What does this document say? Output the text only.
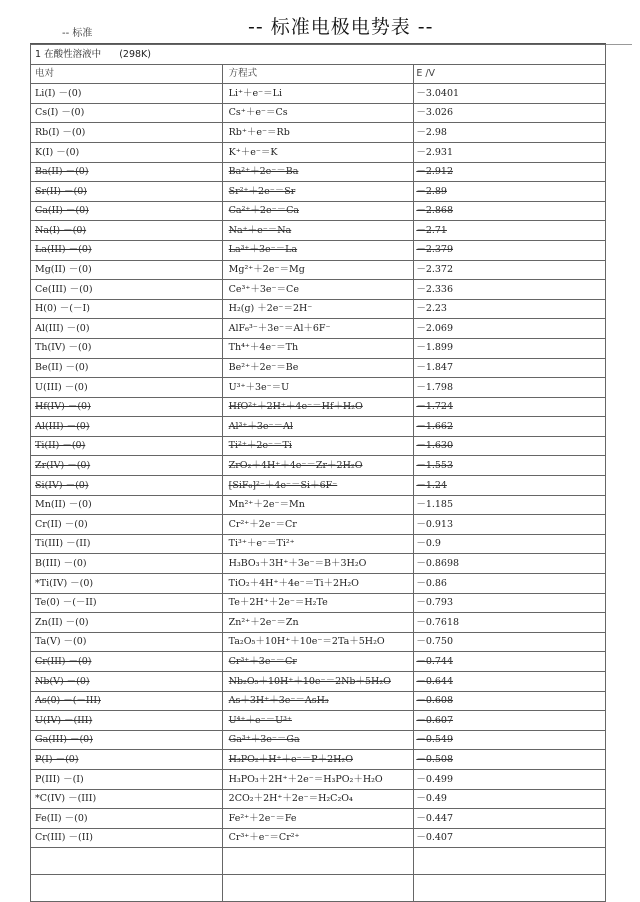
-- 标准	-- 标准电极电势表 --
1 在酸性溶液中 (298K)		
电对	方程式	E /V
Li(I) －(0)	Li⁺＋e⁻＝Li	－3.0401
Cs(I) －(0)	Cs⁺＋e⁻＝Cs	－3.026
Rb(I) －(0)	Rb⁺＋e⁻＝Rb	－2.98
K(I) －(0)	K⁺＋e⁻＝K	－2.931
Ba(II) －(0)	Ba²⁺＋2e⁻＝Ba	－2.912
Sr(II) －(0)	Sr²⁺＋2e⁻＝Sr	－2.89
Ca(II) －(0)	Ca²⁺＋2e⁻＝Ca	－2.868
Na(I) －(0)	Na⁺＋e⁻＝Na	－2.71
La(III) －(0)	La³⁺＋3e⁻＝La	－2.379
Mg(II) －(0)	Mg²⁺＋2e⁻＝Mg	－2.372
Ce(III) －(0)	Ce³⁺＋3e⁻＝Ce	－2.336
H(0) －(－I)	H₂(g) ＋2e⁻＝2H⁻	－2.23
Al(III) －(0)	AlF₆³⁻＋3e⁻＝Al＋6F⁻	－2.069
Th(IV) －(0)	Th⁴⁺＋4e⁻＝Th	－1.899
Be(II) －(0)	Be²⁺＋2e⁻＝Be	－1.847
U(III) －(0)	U³⁺＋3e⁻＝U	－1.798
Hf(IV) －(0)	HfO²⁺＋2H⁺＋4e⁻＝Hf＋H₂O	－1.724
Al(III) －(0)	Al³⁺＋3e⁻＝Al	－1.662
Ti(II) －(0)	Ti²⁺＋2e⁻＝Ti	－1.630
Zr(IV) －(0)	ZrO₂＋4H⁺＋4e⁻＝Zr＋2H₂O	－1.553
Si(IV) －(0)	[SiF₆]²⁻＋4e⁻＝Si＋6F⁻	－1.24
Mn(II) －(0)	Mn²⁺＋2e⁻＝Mn	－1.185
Cr(II) －(0)	Cr²⁺＋2e⁻＝Cr	－0.913
Ti(III) －(II)	Ti³⁺＋e⁻＝Ti²⁺	－0.9
B(III) －(0)	H₃BO₃＋3H⁺＋3e⁻＝B＋3H₂O	－0.8698
*Ti(IV) －(0)	TiO₂＋4H⁺＋4e⁻＝Ti＋2H₂O	－0.86
Te(0) －(－II)	Te＋2H⁺＋2e⁻＝H₂Te	－0.793
Zn(II) －(0)	Zn²⁺＋2e⁻＝Zn	－0.7618
Ta(V) －(0)	Ta₂O₅＋10H⁺＋10e⁻＝2Ta＋5H₂O	－0.750
Cr(III) －(0)	Cr³⁺＋3e⁻＝Cr	－0.744
Nb(V) －(0)	Nb₂O₅＋10H⁺＋10e⁻＝2Nb＋5H₂O	－0.644
As(0) －(－III)	As＋3H⁺＋3e⁻＝AsH₃	－0.608
U(IV) －(III)	U⁴⁺＋e⁻＝U³⁺	－0.607
Ga(III) －(0)	Ga³⁺＋3e⁻＝Ga	－0.549
P(I) －(0)	H₃PO₂＋H⁺＋e⁻＝P＋2H₂O	－0.508
P(III) －(I)	H₃PO₃＋2H⁺＋2e⁻＝H₃PO₂＋H₂O	－0.499
*C(IV) －(III)	2CO₂＋2H⁺＋2e⁻＝H₂C₂O₄	－0.49
Fe(II) －(0)	Fe²⁺＋2e⁻＝Fe	－0.447
Cr(III) －(II)	Cr³⁺＋e⁻＝Cr²⁺	－0.407
